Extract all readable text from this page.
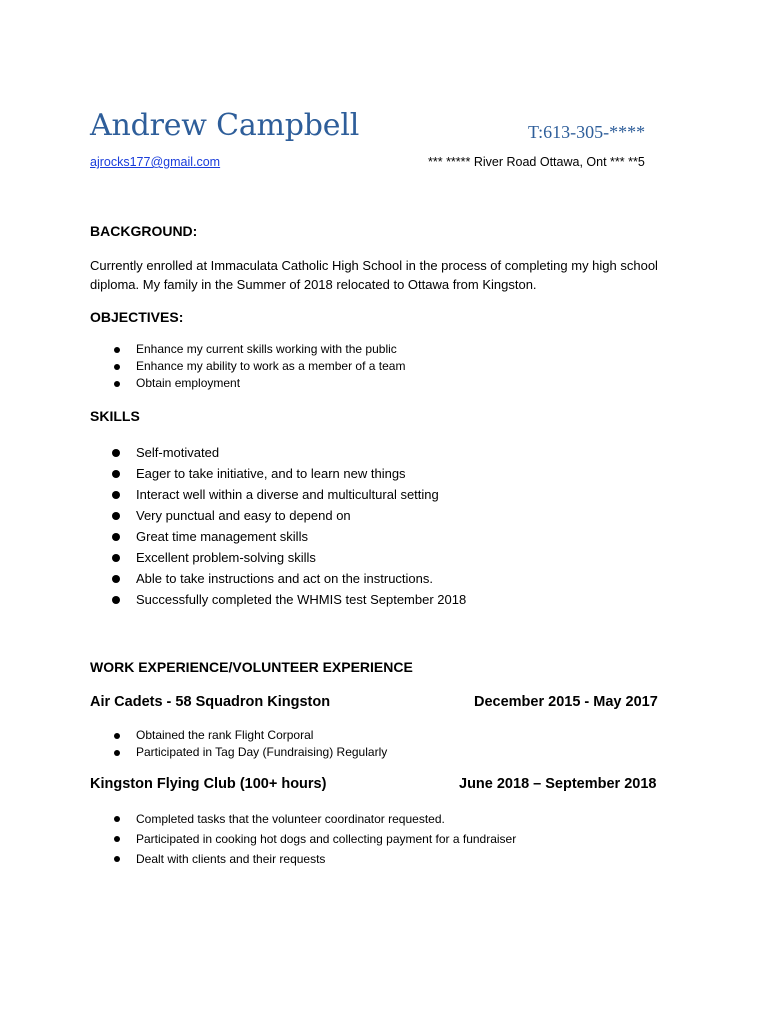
Andrew Campbell	T:613-305-****
ajrocks177@gmail.com	*** ***** River Road Ottawa, Ont *** **5
BACKGROUND:
Currently enrolled at Immaculata Catholic High School in the process of completing my high school diploma. My family in the Summer of 2018 relocated to Ottawa from Kingston.
OBJECTIVES:
Enhance my current skills working with the public
Enhance my ability to work as a member of a team
Obtain employment
SKILLS
Self-motivated
Eager to take initiative, and to learn new things
Interact well within a diverse and multicultural setting
Very punctual and easy to depend on
Great time management skills
Excellent problem-solving skills
Able to take instructions and act on the instructions.
Successfully completed the WHMIS test September 2018
WORK EXPERIENCE/VOLUNTEER EXPERIENCE
Air Cadets - 58 Squadron Kingston	December 2015 - May 2017
Obtained the rank Flight Corporal
Participated in Tag Day (Fundraising) Regularly
Kingston Flying Club (100+ hours)	June 2018 – September 2018
Completed tasks that the volunteer coordinator requested.
Participated in cooking hot dogs and collecting payment for a fundraiser
Dealt with clients and their requests
